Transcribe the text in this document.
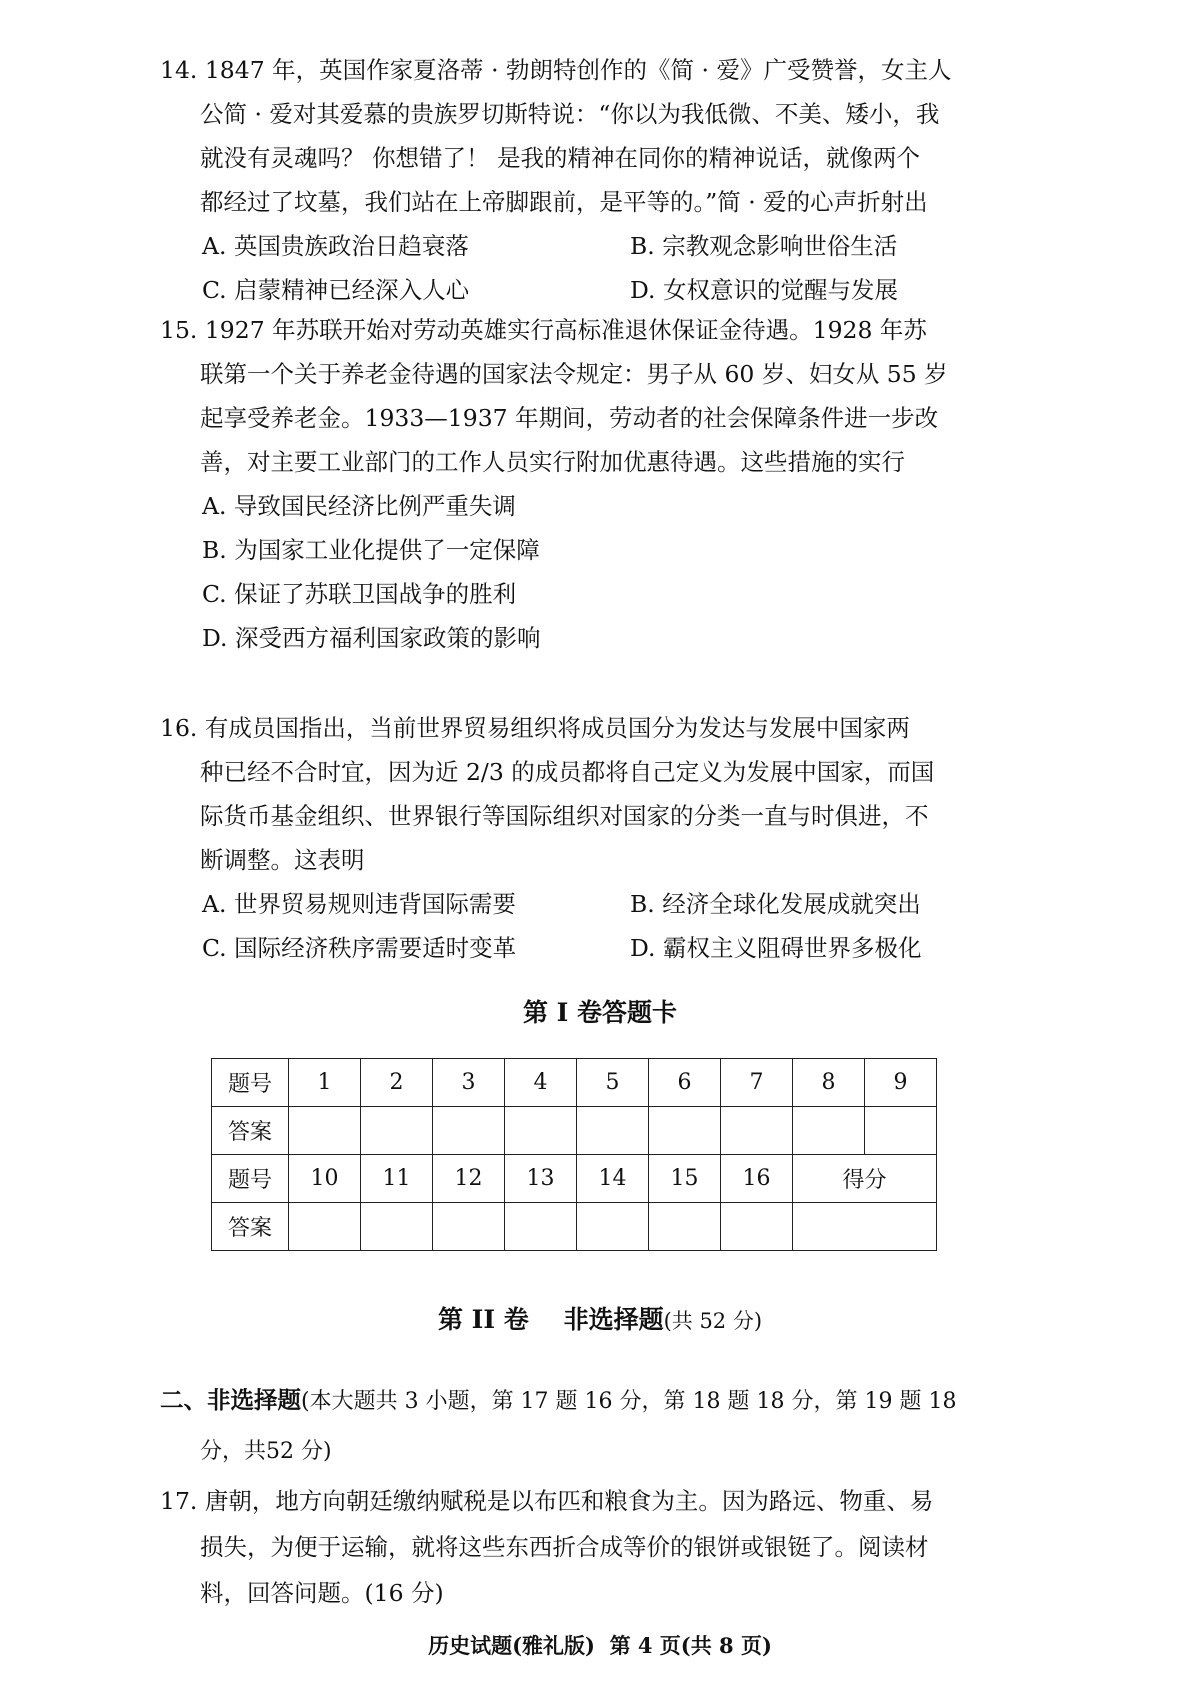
14. 1847 年，英国作家夏洛蒂 · 勃朗特创作的《简 · 爱》广受赞誉，女主人
公简 · 爱对其爱慕的贵族罗切斯特说：“你以为我低微、不美、矮小，我
就没有灵魂吗？ 你想错了！ 是我的精神在同你的精神说话，就像两个
都经过了坟墓，我们站在上帝脚跟前，是平等的。”简 · 爱的心声折射出
A. 英国贵族政治日趋衰落	B. 宗教观念影响世俗生活
C. 启蒙精神已经深入人心	D. 女权意识的觉醒与发展
15. 1927 年苏联开始对劳动英雄实行高标准退休保证金待遇。1928 年苏
联第一个关于养老金待遇的国家法令规定：男子从 60 岁、妇女从 55 岁
起享受养老金。1933—1937 年期间，劳动者的社会保障条件进一步改
善，对主要工业部门的工作人员实行附加优惠待遇。这些措施的实行
A. 导致国民经济比例严重失调
B. 为国家工业化提供了一定保障
C. 保证了苏联卫国战争的胜利
D. 深受西方福利国家政策的影响
16. 有成员国指出，当前世界贸易组织将成员国分为发达与发展中国家两
种已经不合时宜，因为近 2/3 的成员都将自己定义为发展中国家，而国
际货币基金组织、世界银行等国际组织对国家的分类一直与时俱进，不
断调整。这表明
A. 世界贸易规则违背国际需要	B. 经济全球化发展成就突出
C. 国际经济秩序需要适时变革	D. 霸权主义阻碍世界多极化
第 I 卷答题卡
题号	1	2	3	4	5	6	7	8	9
答案									
题号	10	11	12	13	14	15	16	得分	
答案									
第 II 卷    非选择题(共 52 分)
二、非选择题(本大题共 3 小题，第 17 题 16 分，第 18 题 18 分，第 19 题 18
分，共52 分)
17. 唐朝，地方向朝廷缴纳赋税是以布匹和粮食为主。因为路远、物重、易
损失，为便于运输，就将这些东西折合成等价的银饼或银铤了。阅读材
料，回答问题。(16 分)
历史试题(雅礼版)  第 4 页(共 8 页)
